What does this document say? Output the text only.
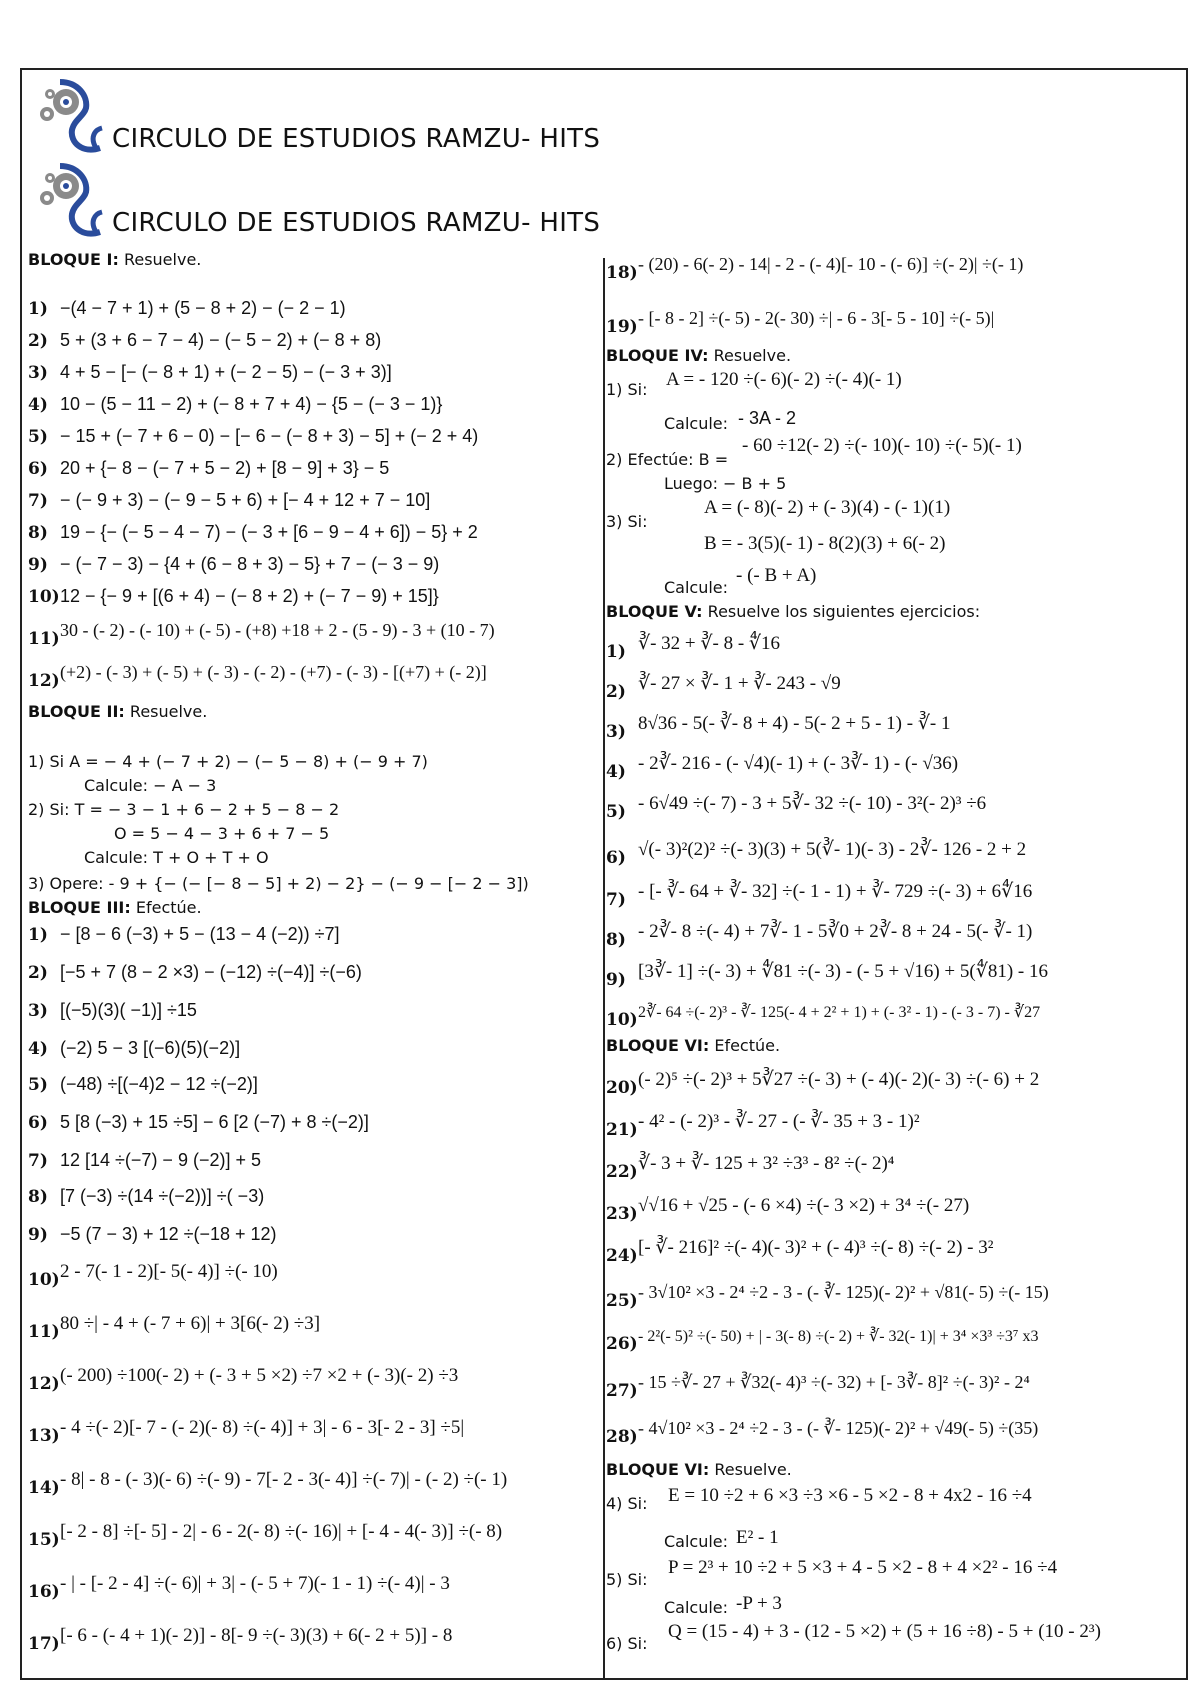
CIRCULO DE ESTUDIOS RAMZU- HITS
CIRCULO DE ESTUDIOS RAMZU- HITS
BLOQUE I: Resuelve.
1) −(4 − 7 + 1) + (5 − 8 + 2) − (− 2 − 1)
2) 5 + (3 + 6 − 7 − 4) − (− 5 − 2) + (− 8 + 8)
3) 4 + 5 − [− (− 8 + 1) + (− 2 − 5) − (− 3 + 3)]
4) 10 − (5 − 11 − 2) + (− 8 + 7 + 4) − {5 − (− 3 − 1)}
5) − 15 + (− 7 + 6 − 0) − [− 6 − (− 8 + 3) − 5] + (− 2 + 4)
6) 20 + {− 8 − (− 7 + 5 − 2) + [8 − 9] + 3} − 5
7) − (− 9 + 3) − (− 9 − 5 + 6) + [− 4 + 12 + 7 − 10]
8) 19 − {− (− 5 − 4 − 7) − (− 3 + [6 − 9 − 4 + 6]) − 5} + 2
9) − (− 7 − 3) − {4 + (6 − 8 + 3) − 5} + 7 − (− 3 − 9)
10)12 − {− 9 + [(6 + 4) − (− 8 + 2) + (− 7 − 9) + 15]}
11)30 - (- 2) - (- 10) + (- 5) - (+8) +18 + 2 - (5 - 9) - 3 + (10 - 7)
12)(+2) - (- 3) + (- 5) + (- 3) - (- 2) - (+7) - (- 3) - [(+7) + (- 2)]
BLOQUE II: Resuelve.
1) Si A = − 4 + (− 7 + 2) − (− 5 − 8) + (− 9 + 7)
Calcule: − A − 3
2) Si: T = − 3 − 1 + 6 − 2 + 5 − 8 − 2
O = 5 − 4 − 3 + 6 + 7 − 5
Calcule: T + O + T + O
3) Opere: - 9 + {− (− [− 8 − 5] + 2) − 2} − (− 9 − [− 2 − 3])
BLOQUE III: Efectúe.
1) − [8 − 6 (−3) + 5 − (13 − 4 (−2)) ÷7]
2) [−5 + 7 (8 − 2 ×3) − (−12) ÷(−4)] ÷(−6)
3) [(−5)(3)( −1)] ÷15
4) (−2) 5 − 3 [(−6)(5)(−2)]
5) (−48) ÷[(−4)2 − 12 ÷(−2)]
6) 5 [8 (−3) + 15 ÷5] − 6 [2 (−7) + 8 ÷(−2)]
7) 12 [14 ÷(−7) − 9 (−2)] + 5
8) [7 (−3) ÷(14 ÷(−2))] ÷( −3)
9) −5 (7 − 3) + 12 ÷(−18 + 12)
10)2 - 7(- 1 - 2)[- 5(- 4)] ÷(- 10)
11)80 ÷| - 4 + (- 7 + 6)| + 3[6(- 2) ÷3]
12)(- 200) ÷100(- 2) + (- 3 + 5 ×2) ÷7 ×2 + (- 3)(- 2) ÷3
13)- 4 ÷(- 2)[- 7 - (- 2)(- 8) ÷(- 4)] + 3| - 6 - 3[- 2 - 3] ÷5|
14)- 8| - 8 - (- 3)(- 6) ÷(- 9) - 7[- 2 - 3(- 4)] ÷(- 7)| - (- 2) ÷(- 1)
15)[- 2 - 8] ÷[- 5] - 2| - 6 - 2(- 8) ÷(- 16)| + [- 4 - 4(- 3)] ÷(- 8)
16)- | - [- 2 - 4] ÷(- 6)| + 3| - (- 5 + 7)(- 1 - 1) ÷(- 4)| - 3
17)[- 6 - (- 4 + 1)(- 2)] - 8[- 9 ÷(- 3)(3) + 6(- 2 + 5)] - 8
18)- (20) - 6(- 2) - 14| - 2 - (- 4)[- 10 - (- 6)] ÷(- 2)| ÷(- 1)
19)- [- 8 - 2] ÷(- 5) - 2(- 30) ÷| - 6 - 3[- 5 - 10] ÷(- 5)|
BLOQUE IV: Resuelve.
1) Si: A = - 120 ÷(- 6)(- 2) ÷(- 4)(- 1)
Calcule: - 3A - 2
2) Efectúe: B =
- 60 ÷12(- 2) ÷(- 10)(- 10) ÷(- 5)(- 1)
Luego: − B + 5
3) Si:
A = (- 8)(- 2) + (- 3)(4) - (- 1)(1)
B = - 3(5)(- 1) - 8(2)(3) + 6(- 2)
Calcule:
- (- B + A)
BLOQUE V: Resuelve los siguientes ejercicios:
1) ∛- 32 + ∛- 8 - ∜16
2) ∛- 27 × ∛- 1 + ∛- 243 - √9
3) 8√36 - 5(- ∛- 8 + 4) - 5(- 2 + 5 - 1) - ∛- 1
4) - 2∛- 216 - (- √4)(- 1) + (- 3∛- 1) - (- √36)
5) - 6√49 ÷(- 7) - 3 + 5∛- 32 ÷(- 10) - 3²(- 2)³ ÷6
6) √(- 3)²(2)² ÷(- 3)(3) + 5(∛- 1)(- 3) - 2∛- 126 - 2 + 2
7) - [- ∛- 64 + ∛- 32] ÷(- 1 - 1) + ∛- 729 ÷(- 3) + 6∜16
8) - 2∛- 8 ÷(- 4) + 7∛- 1 - 5∛0 + 2∛- 8 + 24 - 5(- ∛- 1)
9) [3∛- 1] ÷(- 3) + ∜81 ÷(- 3) - (- 5 + √16) + 5(∜81) - 16
10)2∛- 64 ÷(- 2)³ - ∛- 125(- 4 + 2² + 1) + (- 3² - 1) - (- 3 - 7) - ∛27
BLOQUE VI: Efectúe.
20)(- 2)⁵ ÷(- 2)³ + 5∛27 ÷(- 3) + (- 4)(- 2)(- 3) ÷(- 6) + 2
21)- 4² - (- 2)³ - ∛- 27 - (- ∛- 35 + 3 - 1)²
22)∛- 3 + ∛- 125 + 3² ÷3³ - 8² ÷(- 2)⁴
23)√√16 + √25 - (- 6 ×4) ÷(- 3 ×2) + 3⁴ ÷(- 27)
24)[- ∛- 216]² ÷(- 4)(- 3)² + (- 4)³ ÷(- 8) ÷(- 2) - 3²
25)- 3√10² ×3 - 2⁴ ÷2 - 3 - (- ∛- 125)(- 2)² + √81(- 5) ÷(- 15)
26)- 2²(- 5)² ÷(- 50) + | - 3(- 8) ÷(- 2) + ∛- 32(- 1)| + 3⁴ ×3³ ÷3⁷ x3
27)- 15 ÷∛- 27 + ∛32(- 4)³ ÷(- 32) + [- 3∛- 8]² ÷(- 3)² - 2⁴
28)- 4√10² ×3 - 2⁴ ÷2 - 3 - (- ∛- 125)(- 2)² + √49(- 5) ÷(35)
BLOQUE VI: Resuelve.
4) Si: E = 10 ÷2 + 6 ×3 ÷3 ×6 - 5 ×2 - 8 + 4x2 - 16 ÷4
Calcule: E² - 1
5) Si:
P = 2³ + 10 ÷2 + 5 ×3 + 4 - 5 ×2 - 8 + 4 ×2² - 16 ÷4
Calcule: -P + 3
6) Si:
Q = (15 - 4) + 3 - (12 - 5 ×2) + (5 + 16 ÷8) - 5 + (10 - 2³)
